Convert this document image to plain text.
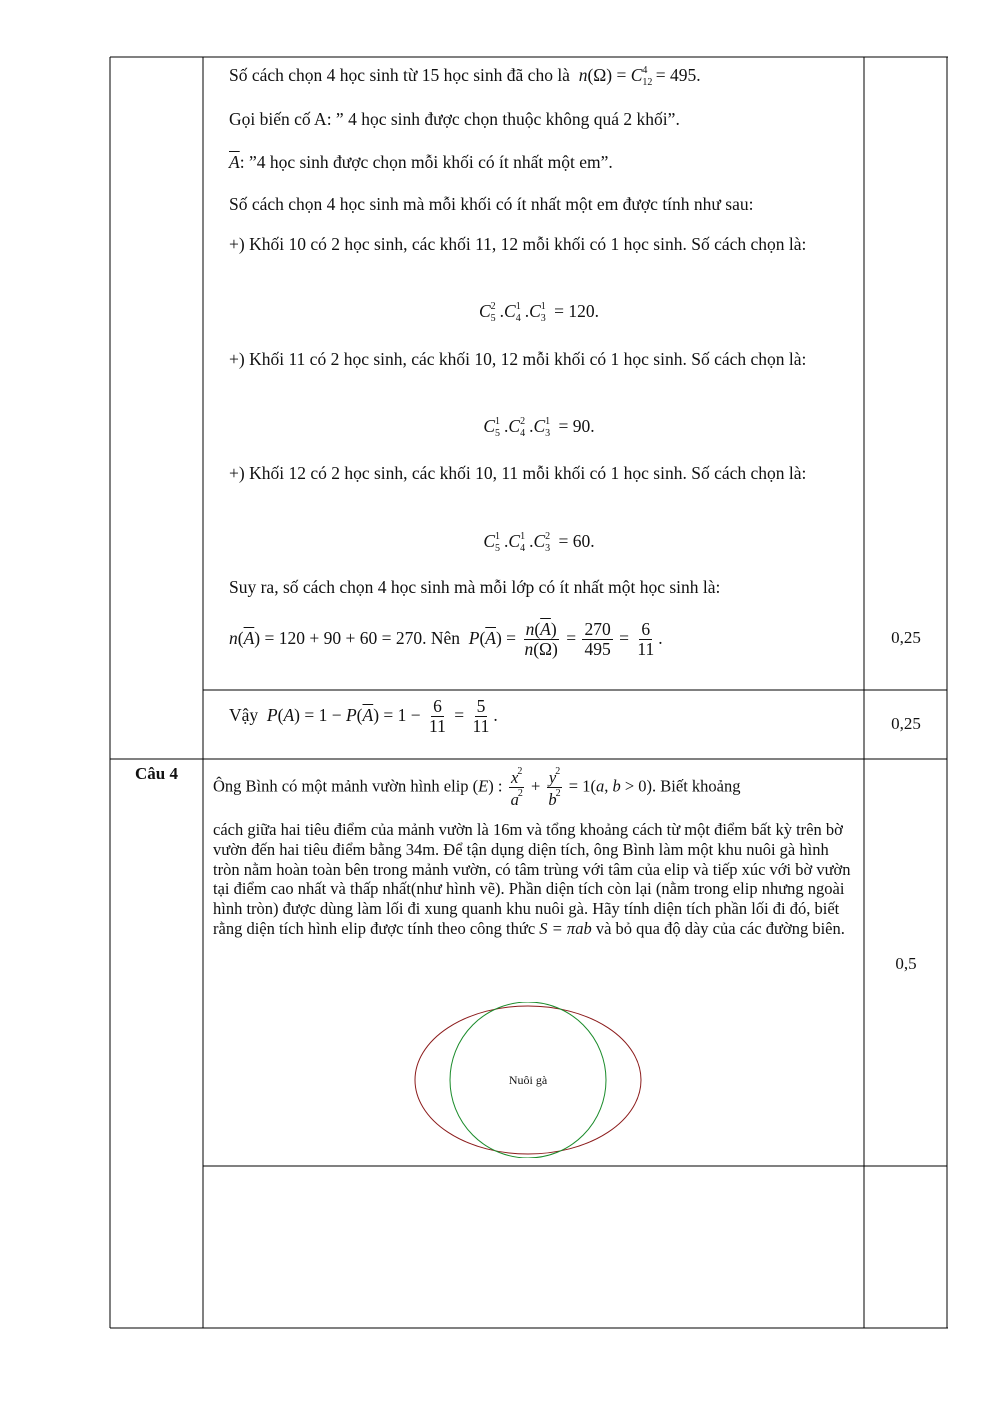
Số cách chọn 4 học sinh từ 15 học sinh đã cho là  n(Ω) = C 4
12 = 495.
Gọi biến cố A: ” 4 học sinh được chọn thuộc không quá 2 khối”.
$\overline{A}$: ”4 học sinh được chọn mỗi khối có ít nhất một em”.
Số cách chọn 4 học sinh mà mỗi khối có ít nhất một em được tính như sau:
+) Khối 10 có 2 học sinh, các khối 11, 12 mỗi khối có 1 học sinh. Số cách chọn là:
C 2
5 .C 1
4 .C 1
3 = 120.
+) Khối 11 có 2 học sinh, các khối 10, 12 mỗi khối có 1 học sinh. Số cách chọn là:
C 1
5 .C 2
4 .C 1
3 = 90.
+) Khối 12 có 2 học sinh, các khối 10, 11 mỗi khối có 1 học sinh. Số cách chọn là:
C 1
5 .C 1
4 .C 2
3 = 60.
Suy ra, số cách chọn 4 học sinh mà mỗi lớp có ít nhất một học sinh là:
$n(\overline{A}) = 120 + 90 + 60 = 270$. Nên  $P(\overline{A}) = \frac{n(\overline{A})}{n(\Omega)} = \frac{270}{495} = \frac{6}{11}$ .	0,25
Vậy  $P(A) = 1 - P(\overline{A}) = 1 - \frac{6}{11} = \frac{5}{11}$ .	0,25
Câu 4
Ông Bình có một mảnh vườn hình elip (E) : $\frac{x^2}{a^2} + \frac{y^2}{b^2} = 1(a$, b > 0). Biết khoảng
cách giữa hai tiêu điểm của mảnh vườn là 16m và tổng khoảng cách từ một điểm bất kỳ trên bờ vườn đến hai tiêu điểm bằng 34m. Để tận dụng diện tích, ông Bình làm một khu nuôi gà hình tròn nằm hoàn toàn bên trong mảnh vườn, có tâm trùng với tâm của elip và tiếp xúc với bờ vườn tại điểm cao nhất và thấp nhất(như hình vẽ). Phần diện tích còn lại (nằm trong elip nhưng ngoài hình tròn) được dùng làm lối đi xung quanh khu nuôi gà. Hãy tính diện tích phần lối đi đó, biết rằng diện tích hình elip được tính theo công thức S = πab và bỏ qua độ dày của các đường biên.
Nuôi gà
0,5
